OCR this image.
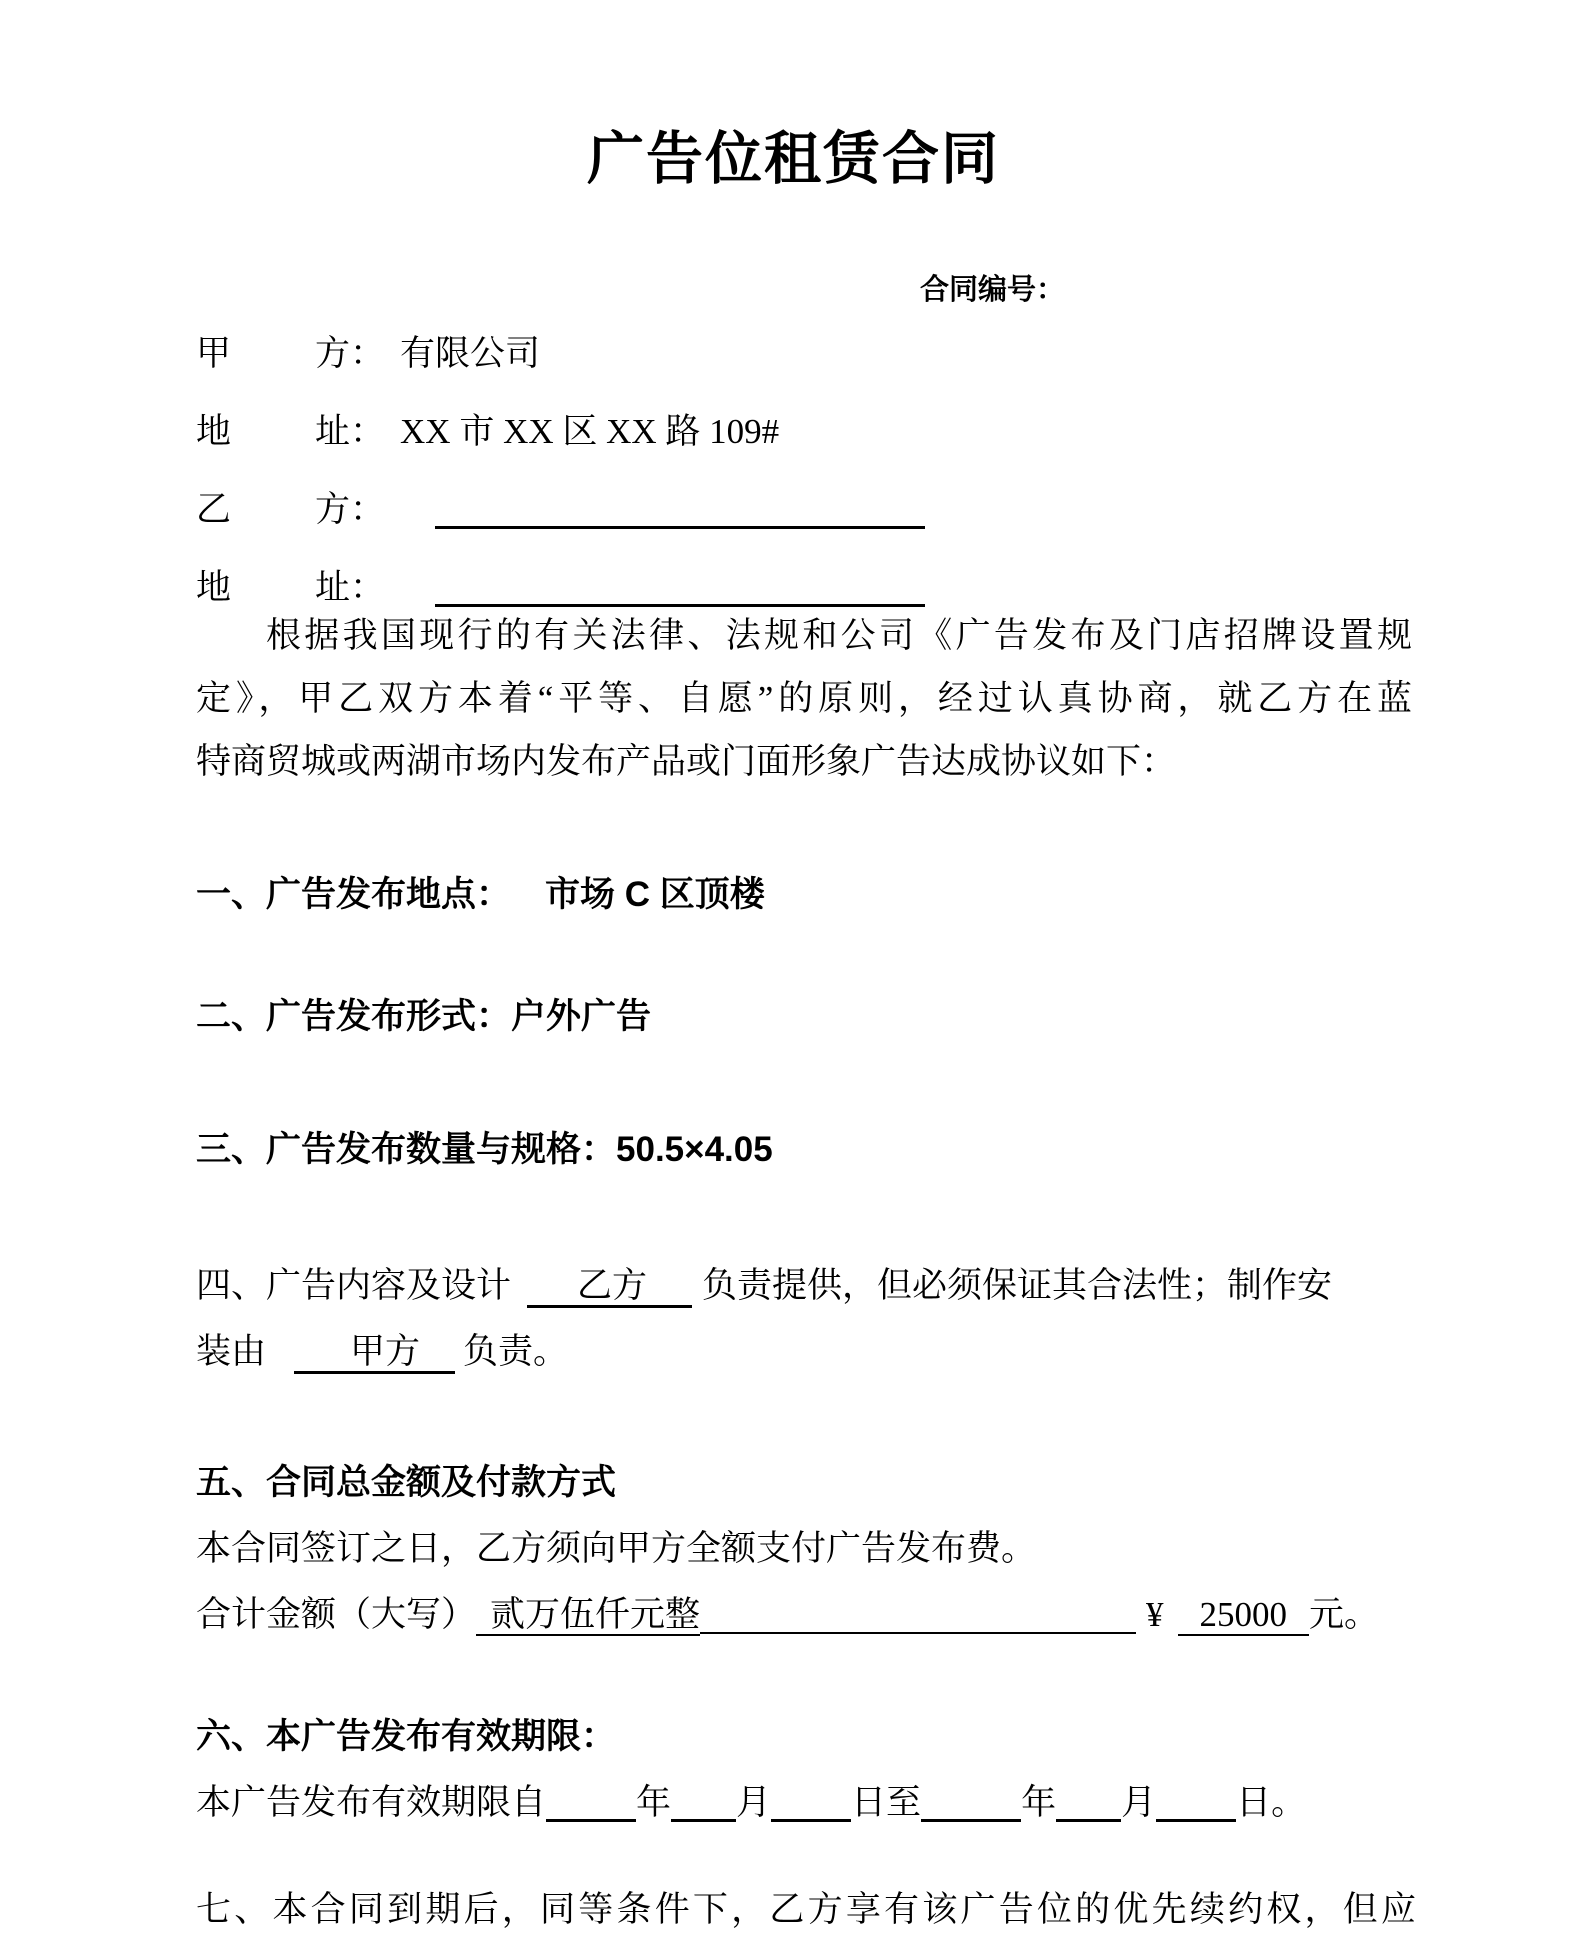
广告位租赁合同
合同编号：
甲 方： 有限公司
地 址： XX 市 XX 区 XX 路 109#
乙 方：
地 址：
根据我国现行的有关法律、法规和公司《广告发布及门店招牌设置规
定》，甲乙双方本着“平等、自愿”的原则，经过认真协商，就乙方在蓝
特商贸城或两湖市场内发布产品或门面形象广告达成协议如下：
一、广告发布地点： 市场 C 区顶楼
二、广告发布形式：户外广告
三、广告发布数量与规格：50.5×4.05
四、广告内容及设计 乙方 负责提供，但必须保证其合法性；制作安
装由 甲方 负责。
五、合同总金额及付款方式
本合同签订之日，乙方须向甲方全额支付广告发布费。
合计金额（大写） 贰万伍仟元整	¥ 25000 元。
六、本广告发布有效期限：
本广告发布有效期限自	年 月 日至	年 月 日。
七、本合同到期后，同等条件下，乙方享有该广告位的优先续约权，但应
